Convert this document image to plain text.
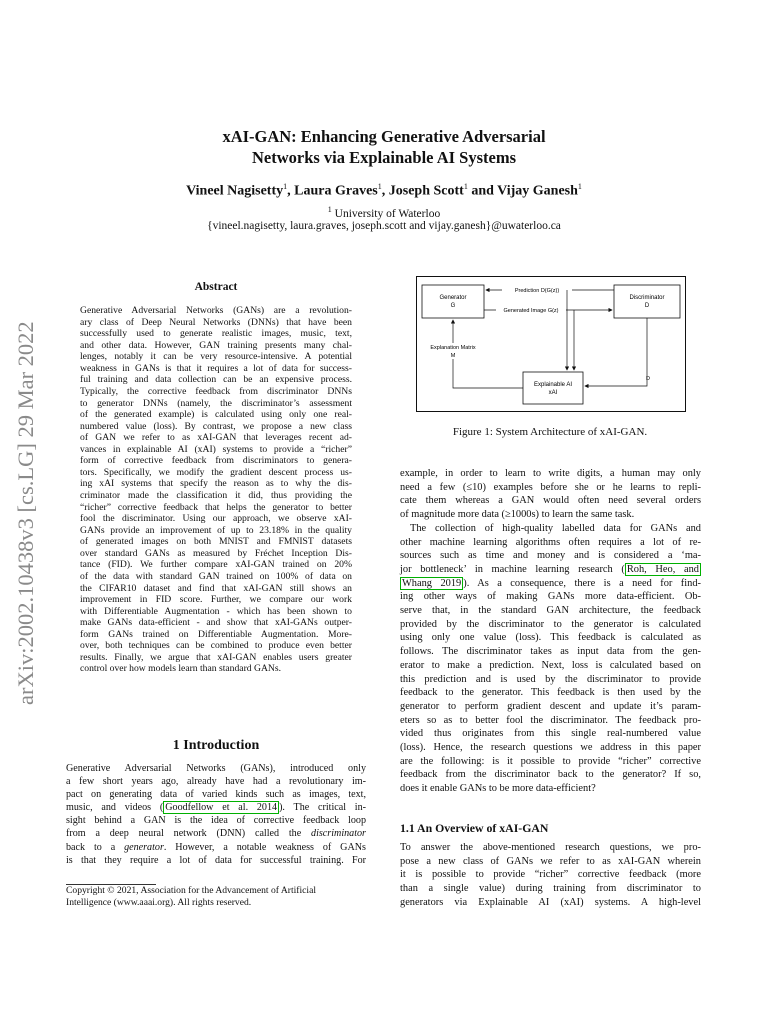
xAI-GAN: Enhancing Generative Adversarial
Networks via Explainable AI Systems
Vineel Nagisetty$^1$, Laura Graves$^1$, Joseph Scott$^1$ and Vijay Ganesh$^1$
$^1$ University of Waterloo
{vineel.nagisetty, laura.graves, joseph.scott and vijay.ganesh}@uwaterloo.ca
arXiv:2002.10438v3 [cs.LG] 29 Mar 2022
Abstract
Generative Adversarial Networks (GANs) are a revolution-
ary class of Deep Neural Networks (DNNs) that have been
successfully used to generate realistic images, music, text,
and other data. However, GAN training presents many chal-
lenges, notably it can be very resource-intensive. A potential
weakness in GANs is that it requires a lot of data for success-
ful training and data collection can be an expensive process.
Typically, the corrective feedback from discriminator DNNs
to generator DNNs (namely, the discriminator’s assessment
of the generated example) is calculated using only one real-
numbered value (loss). By contrast, we propose a new class
of GAN we refer to as xAI-GAN that leverages recent ad-
vances in explainable AI (xAI) systems to provide a “richer”
form of corrective feedback from discriminators to genera-
tors. Specifically, we modify the gradient descent process us-
ing xAI systems that specify the reason as to why the dis-
criminator made the classification it did, thus providing the
“richer” corrective feedback that helps the generator to better
fool the discriminator. Using our approach, we observe xAI-
GANs provide an improvement of up to 23.18% in the quality
of generated images on both MNIST and FMNIST datasets
over standard GANs as measured by Fréchet Inception Dis-
tance (FID). We further compare xAI-GAN trained on 20%
of the data with standard GAN trained on 100% of data on
the CIFAR10 dataset and find that xAI-GAN still shows an
improvement in FID score. Further, we compare our work
with Differentiable Augmentation - which has been shown to
make GANs data-efficient - and show that xAI-GANs outper-
form GANs trained on Differentiable Augmentation. More-
over, both techniques can be combined to produce even better
results. Finally, we argue that xAI-GAN enables users greater
control over how models learn than standard GANs.
1 Introduction
Generative Adversarial Networks (GANs), introduced only
a few short years ago, already have had a revolutionary im-
pact on generating data of varied kinds such as images, text,
music, and videos ( Goodfellow et al. 2014 ). The critical in-
sight behind a GAN is the idea of corrective feedback loop
from a deep neural network (DNN) called the discriminator
back to a generator. However, a notable weakness of GANs
is that they require a lot of data for successful training. For
Copyright © 2021, Association for the Advancement of Artificial
Intelligence (www.aaai.org). All rights reserved.
Generator
G
Discriminator
D
Explainable AI
xAI
Prediction D(G(z))
Generated Image G(z)
D
Explanation Matrix
M
Figure 1: System Architecture of xAI-GAN.
example, in order to learn to write digits, a human may only
need a few (≤10) examples before she or he learns to repli-
cate them whereas a GAN would often need several orders
of magnitude more data (≥1000s) to learn the same task.
The collection of high-quality labelled data for GANs and
other machine learning algorithms often requires a lot of re-
sources such as time and money and is considered a ‘ma-
jor bottleneck’ in machine learning research ( Roh, Heo, and
Whang 2019 ). As a consequence, there is a need for find-
ing other ways of making GANs more data-efficient. Ob-
serve that, in the standard GAN architecture, the feedback
provided by the discriminator to the generator is calculated
using only one value (loss). This feedback is calculated as
follows. The discriminator takes as input data from the gen-
erator to make a prediction. Next, loss is calculated based on
this prediction and is used by the discriminator to provide
feedback to the generator. This feedback is then used by the
generator to perform gradient descent and update it’s param-
eters so as to better fool the discriminator. The feedback pro-
vided thus originates from this single real-numbered value
(loss). Hence, the research questions we address in this paper
are the following: is it possible to provide “richer” corrective
feedback from the discriminator back to the generator? If so,
does it enable GANs to be more data-efficient?
1.1 An Overview of xAI-GAN
To answer the above-mentioned research questions, we pro-
pose a new class of GANs we refer to as xAI-GAN wherein
it is possible to provide “richer” corrective feedback (more
than a single value) during training from discriminator to
generators via Explainable AI (xAI) systems. A high-level
